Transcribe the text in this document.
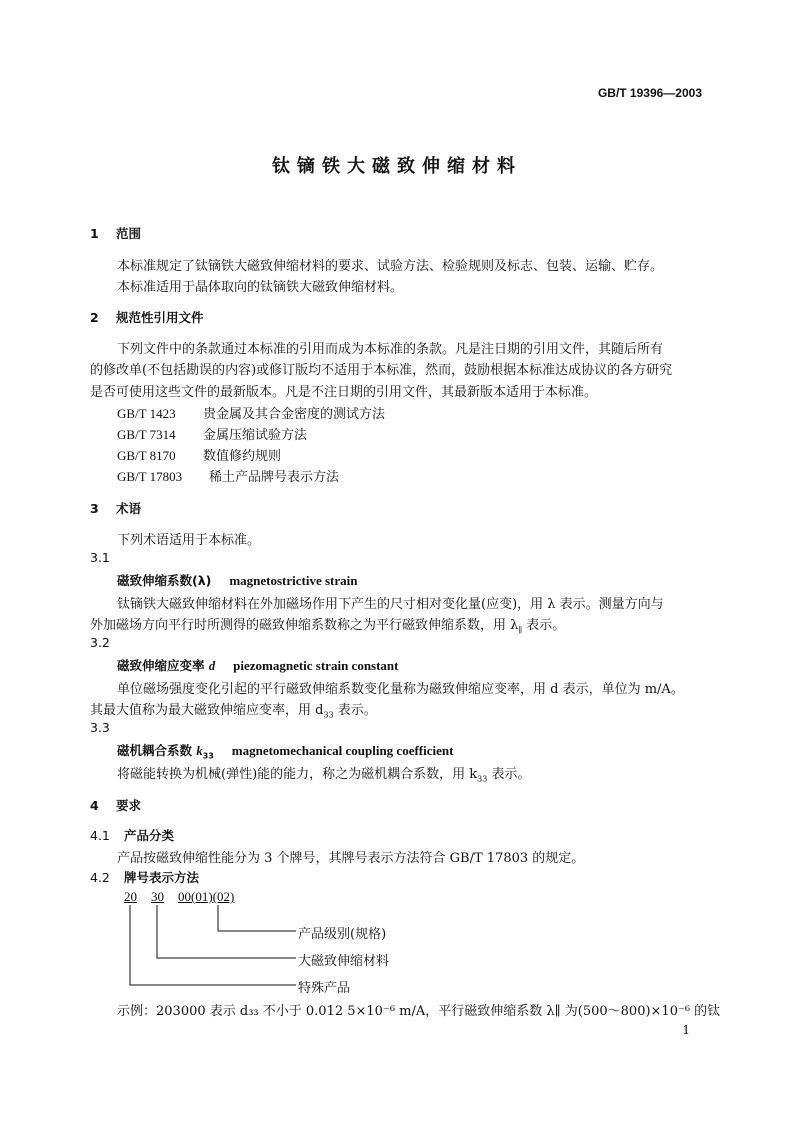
GB/T 19396—2003
钛镝铁大磁致伸缩材料
1 范围
本标准规定了钛镝铁大磁致伸缩材料的要求、试验方法、检验规则及标志、包装、运输、贮存。
本标准适用于晶体取向的钛镝铁大磁致伸缩材料。
2 规范性引用文件
下列文件中的条款通过本标准的引用而成为本标准的条款。凡是注日期的引用文件，其随后所有
的修改单(不包括勘误的内容)或修订版均不适用于本标准，然而，鼓励根据本标准达成协议的各方研究
是否可使用这些文件的最新版本。凡是不注日期的引用文件，其最新版本适用于本标准。
GB/T 1423 贵金属及其合金密度的测试方法
GB/T 7314 金属压缩试验方法
GB/T 8170 数值修约规则
GB/T 17803 稀土产品牌号表示方法
3 术语
下列术语适用于本标准。
3.1
磁致伸缩系数(λ) magnetostrictive strain
钛镝铁大磁致伸缩材料在外加磁场作用下产生的尺寸相对变化量(应变)，用 λ 表示。测量方向与
外加磁场方向平行时所测得的磁致伸缩系数称之为平行磁致伸缩系数，用 $\lambda_\parallel$ 表示。
3.2
磁致伸缩应变率 d piezomagnetic strain constant
单位磁场强度变化引起的平行磁致伸缩系数变化量称为磁致伸缩应变率，用 d 表示，单位为 m/A。
其最大值称为最大磁致伸缩应变率，用 $d_{33}$ 表示。
3.3
磁机耦合系数 $k_{33}$ magnetomechanical coupling coefficient
将磁能转换为机械(弹性)能的能力，称之为磁机耦合系数，用 $k_{33}$ 表示。
4 要求
4.1 产品分类
产品按磁致伸缩性能分为 3 个牌号，其牌号表示方法符合 GB/T 17803 的规定。
4.2 牌号表示方法
20 30 00(01)(02)
产品级别(规格)
大磁致伸缩材料
特殊产品
示例：203000 表示 d₃₃ 不小于 0.012 5×10⁻⁶ m/A，平行磁致伸缩系数 λ∥ 为(500～800)×10⁻⁶ 的钛
1
